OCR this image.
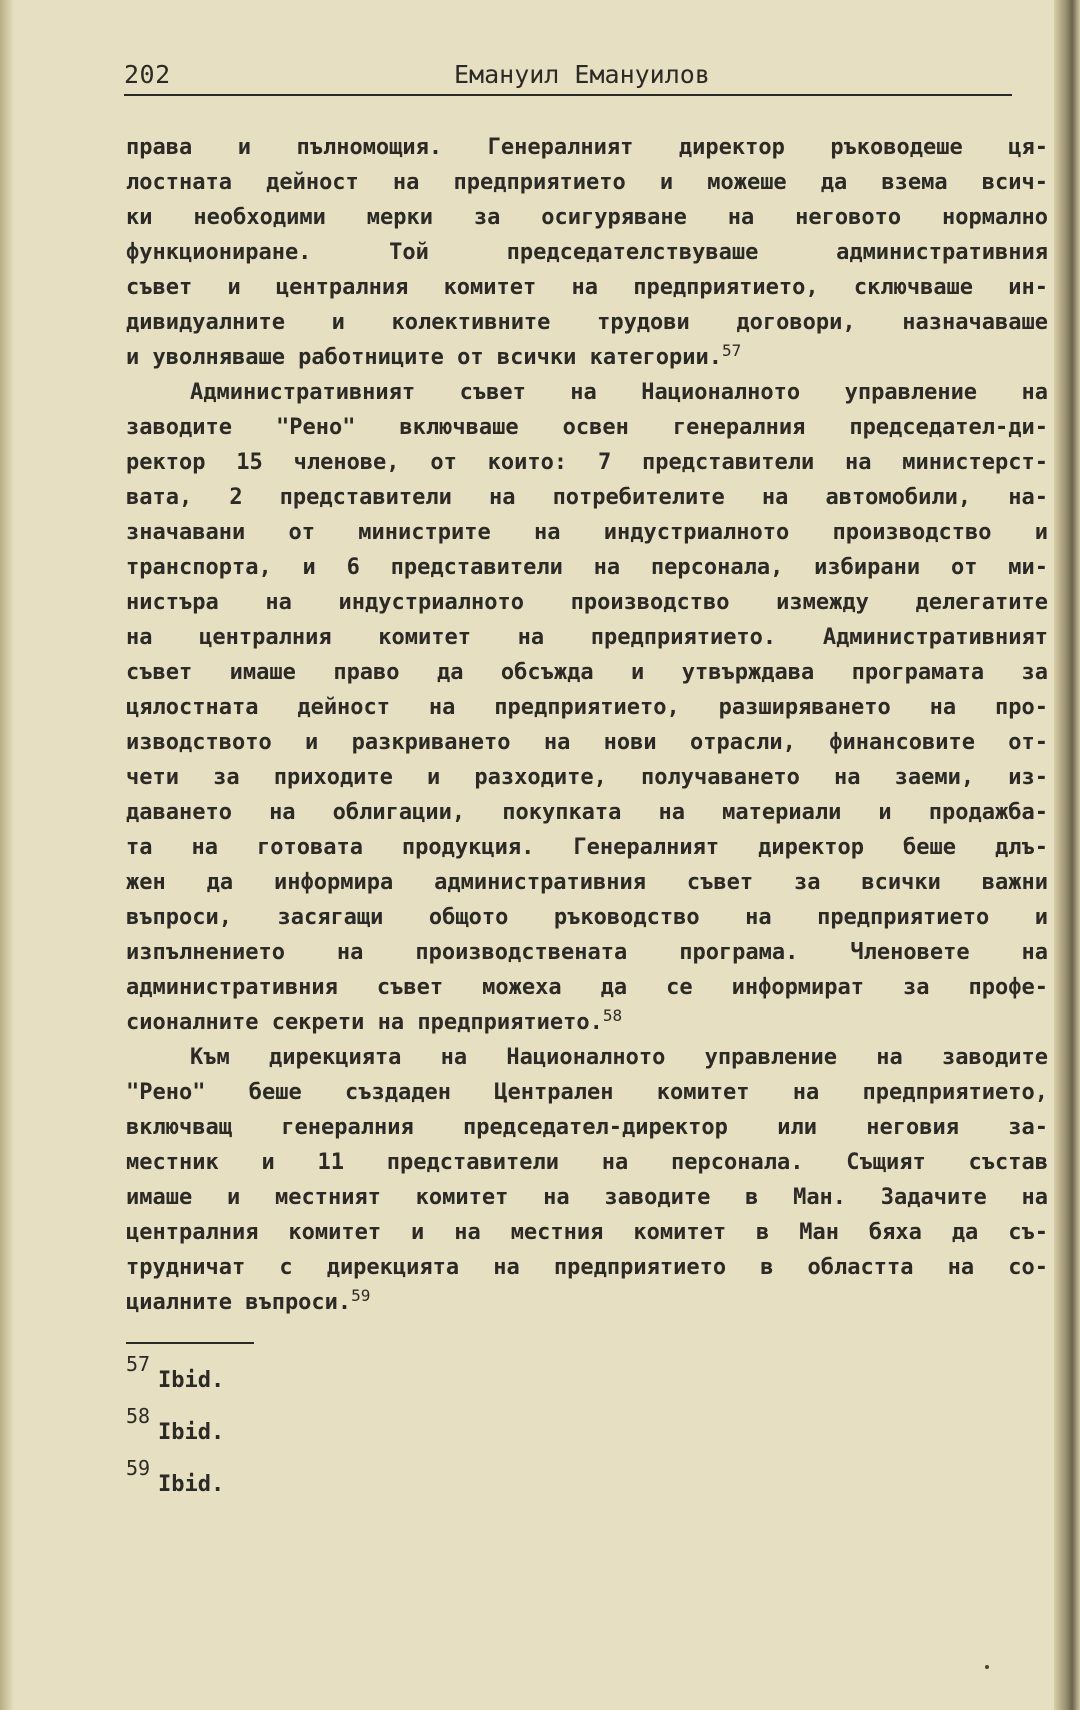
202	Емануил Емануилов
права и пълномощия. Генералният директор ръководеше ця-
лостната дейност на предприятието и можеше да взема всич-
ки необходими мерки за осигуряване на неговото нормално
функциониране. Той председателствуваше административния
съвет и централния комитет на предприятието, сключваше ин-
дивидуалните и колективните трудови договори, назначаваше
и уволняваше работниците от всички категории.$^{57}$
Административният съвет на Националното управление на
заводите "Рено" включваше освен генералния председател-ди-
ректор 15 членове, от които: 7 представители на министерст-
вата, 2 представители на потребителите на автомобили, на-
значавани от министрите на индустриалното производство и
транспорта, и 6 представители на персонала, избирани от ми-
нистъра на индустриалното производство измежду делегатите
на централния комитет на предприятието. Административният
съвет имаше право да обсъжда и утвърждава програмата за
цялостната дейност на предприятието, разширяването на про-
изводството и разкриването на нови отрасли, финансовите от-
чети за приходите и разходите, получаването на заеми, из-
даването на облигации, покупката на материали и продажба-
та на готовата продукция. Генералният директор беше длъ-
жен да информира административния съвет за всички важни
въпроси, засягащи общото ръководство на предприятието и
изпълнението на производствената програма. Членовете на
административния съвет можеха да се информират за профе-
сионалните секрети на предприятието.$^{58}$
Към дирекцията на Националното управление на заводите
"Рено" беше създаден Централен комитет на предприятието,
включващ генералния председател-директор или неговия за-
местник и 11 представители на персонала. Същият състав
имаше и местният комитет на заводите в Ман. Задачите на
централния комитет и на местния комитет в Ман бяха да съ-
трудничат с дирекцията на предприятието в областта на со-
циалните въпроси.$^{59}$
57
Ibid.
58
Ibid.
59
Ibid.
